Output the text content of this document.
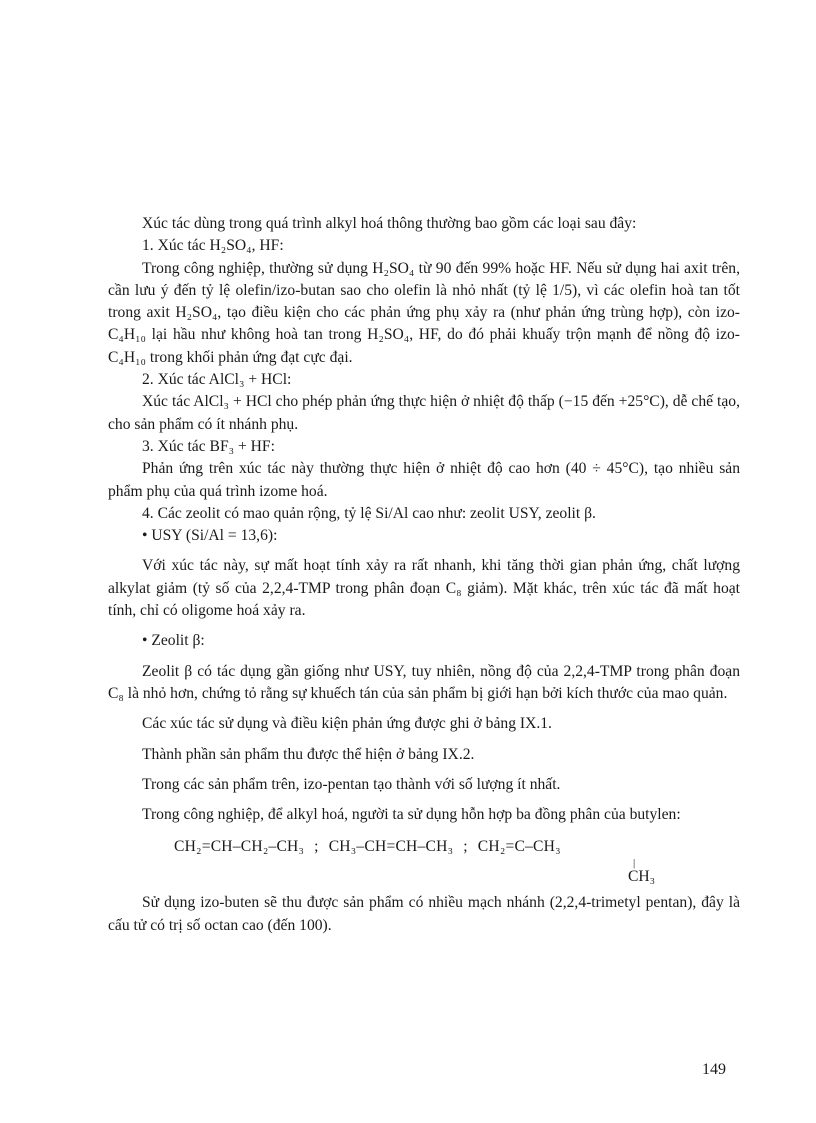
Xúc tác dùng trong quá trình alkyl hoá thông thường bao gồm các loại sau đây:

1. Xúc tác H₂SO₄, HF:

Trong công nghiệp, thường sử dụng H₂SO₄ từ 90 đến 99% hoặc HF. Nếu sử dụng hai axit trên, cần lưu ý đến tỷ lệ olefin/izo-butan sao cho olefin là nhỏ nhất (tỷ lệ 1/5), vì các olefin hoà tan tốt trong axit H₂SO₄, tạo điều kiện cho các phản ứng phụ xảy ra (như phản ứng trùng hợp), còn izo-C₄H₁₀ lại hầu như không hoà tan trong H₂SO₄, HF, do đó phải khuấy trộn mạnh để nồng độ izo-C₄H₁₀ trong khối phản ứng đạt cực đại.

2. Xúc tác AlCl₃ + HCl:

Xúc tác AlCl₃ + HCl cho phép phản ứng thực hiện ở nhiệt độ thấp (−15 đến +25°C), dễ chế tạo, cho sản phẩm có ít nhánh phụ.

3. Xúc tác BF₃ + HF:

Phản ứng trên xúc tác này thường thực hiện ở nhiệt độ cao hơn (40 ÷ 45°C), tạo nhiều sản phẩm phụ của quá trình izome hoá.

4. Các zeolit có mao quản rộng, tỷ lệ Si/Al cao như: zeolit USY, zeolit β.

• USY (Si/Al = 13,6):

Với xúc tác này, sự mất hoạt tính xảy ra rất nhanh, khi tăng thời gian phản ứng, chất lượng alkylat giảm (tỷ số của 2,2,4-TMP trong phân đoạn C₈ giảm). Mặt khác, trên xúc tác đã mất hoạt tính, chỉ có oligome hoá xảy ra.

• Zeolit β:

Zeolit β có tác dụng gần giống như USY, tuy nhiên, nồng độ của 2,2,4-TMP trong phân đoạn C₈ là nhỏ hơn, chứng tỏ rằng sự khuếch tán của sản phẩm bị giới hạn bởi kích thước của mao quản.

Các xúc tác sử dụng và điều kiện phản ứng được ghi ở bảng IX.1.

Thành phần sản phẩm thu được thể hiện ở bảng IX.2.

Trong các sản phẩm trên, izo-pentan tạo thành với số lượng ít nhất.

Trong công nghiệp, để alkyl hoá, người ta sử dụng hỗn hợp ba đồng phân của butylen:

CH₂=CH–CH₂–CH₃ ; CH₃–CH=CH–CH₃ ; CH₂=C–CH₃
|
CH₃

Sử dụng izo-buten sẽ thu được sản phẩm có nhiều mạch nhánh (2,2,4-trimetyl pentan), đây là cấu tử có trị số octan cao (đến 100).

149
